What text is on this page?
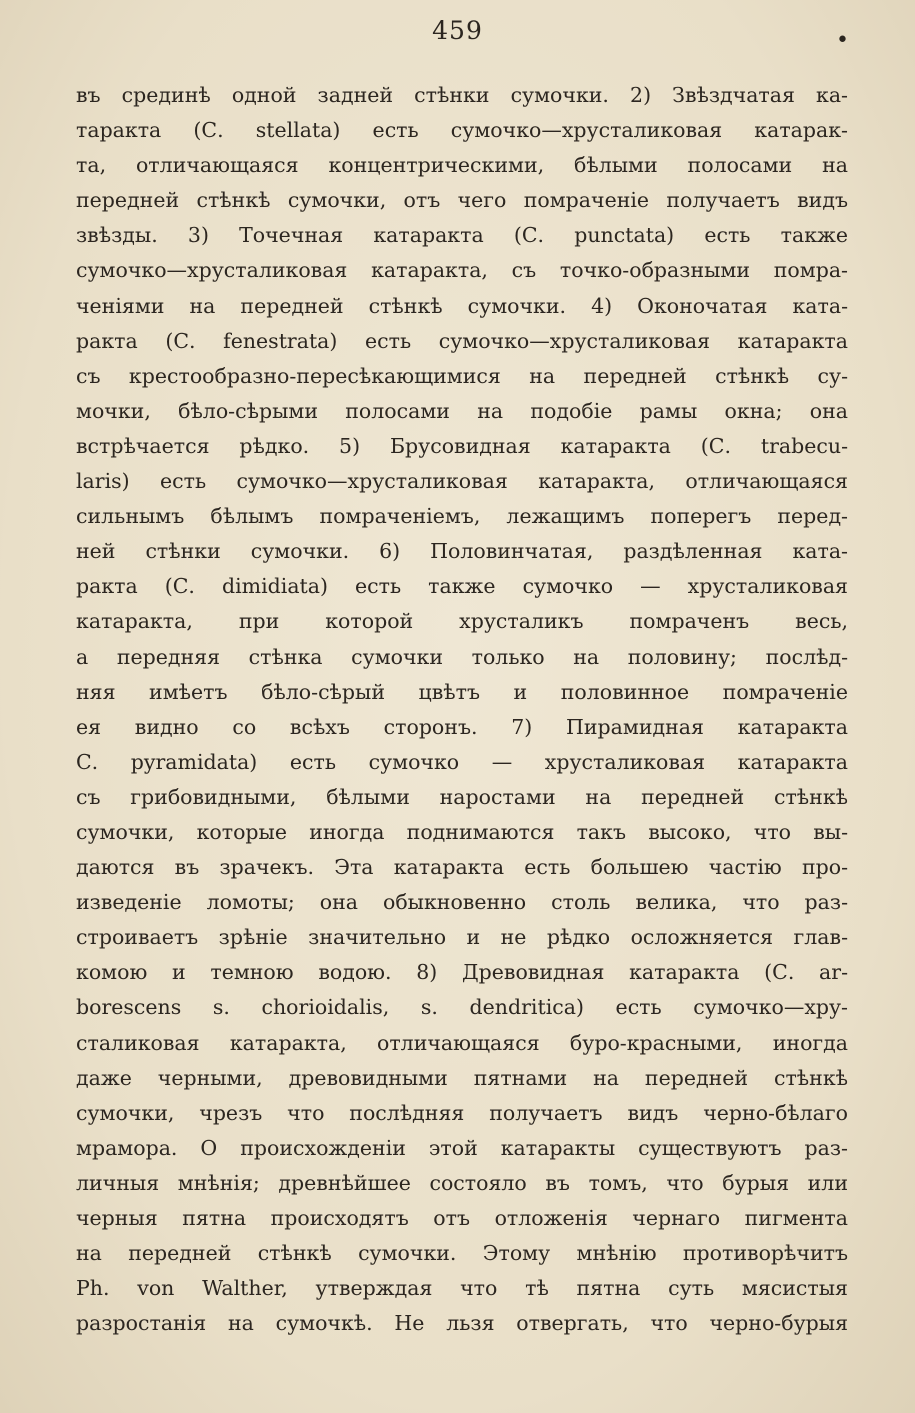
459	•
въ срединѣ одной задней стѣнки сумочки. 2) Звѣздчатая ка-
таракта (С. stellata) есть сумочко—хрусталиковая катарак-
та, отличающаяся концентрическими, бѣлыми полосами на
передней стѣнкѣ сумочки, отъ чего помраченіе получаетъ видъ
звѣзды. 3) Точечная катаракта (С. punctata) есть также
сумочко—хрусталиковая катаракта, съ точко-образными помра-
ченіями на передней стѣнкѣ сумочки. 4) Оконочатая ката-
ракта (С. fenestrata) есть сумочко—хрусталиковая катаракта
съ крестообразно-пересѣкающимися на передней стѣнкѣ су-
мочки, бѣло-сѣрыми полосами на подобіе рамы окна; она
встрѣчается рѣдко. 5) Брусовидная катаракта (С. trabecu-
laris) есть сумочко—хрусталиковая катаракта, отличающаяся
сильнымъ бѣлымъ помраченіемъ, лежащимъ поперегъ перед-
ней стѣнки сумочки. 6) Половинчатая, раздѣленная ката-
ракта (С. dimidiata) есть также сумочко — хрусталиковая
катаракта, при которой хрусталикъ помраченъ весь,
а передняя стѣнка сумочки только на половину; послѣд-
няя имѣетъ бѣло-сѣрый цвѣтъ и половинное помраченіе
ея видно со всѣхъ сторонъ. 7) Пирамидная катаракта
С. pyramidata) есть сумочко — хрусталиковая катаракта
съ грибовидными, бѣлыми наростами на передней стѣнкѣ
сумочки, которые иногда поднимаются такъ высоко, что вы-
даются въ зрачекъ. Эта катаракта есть большею частію про-
изведеніе ломоты; она обыкновенно столь велика, что раз-
строиваетъ зрѣніе значительно и не рѣдко осложняется глав-
комою и темною водою. 8) Древовидная катаракта (С. ar-
borescens s. chorioidalis, s. dendritica) есть сумочко—хру-
сталиковая катаракта, отличающаяся буро-красными, иногда
даже черными, древовидными пятнами на передней стѣнкѣ
сумочки, чрезъ что послѣдняя получаетъ видъ черно-бѣлаго
мрамора. О происхожденіи этой катаракты существуютъ раз-
личныя мнѣнія; древнѣйшее состояло въ томъ, что бурыя или
черныя пятна происходятъ отъ отложенія чернаго пигмента
на передней стѣнкѣ сумочки. Этому мнѣнію противорѣчитъ
Ph. von Walther, утверждая что тѣ пятна суть мясистыя
разростанія на сумочкѣ. Не льзя отвергать, что черно-бурыя
